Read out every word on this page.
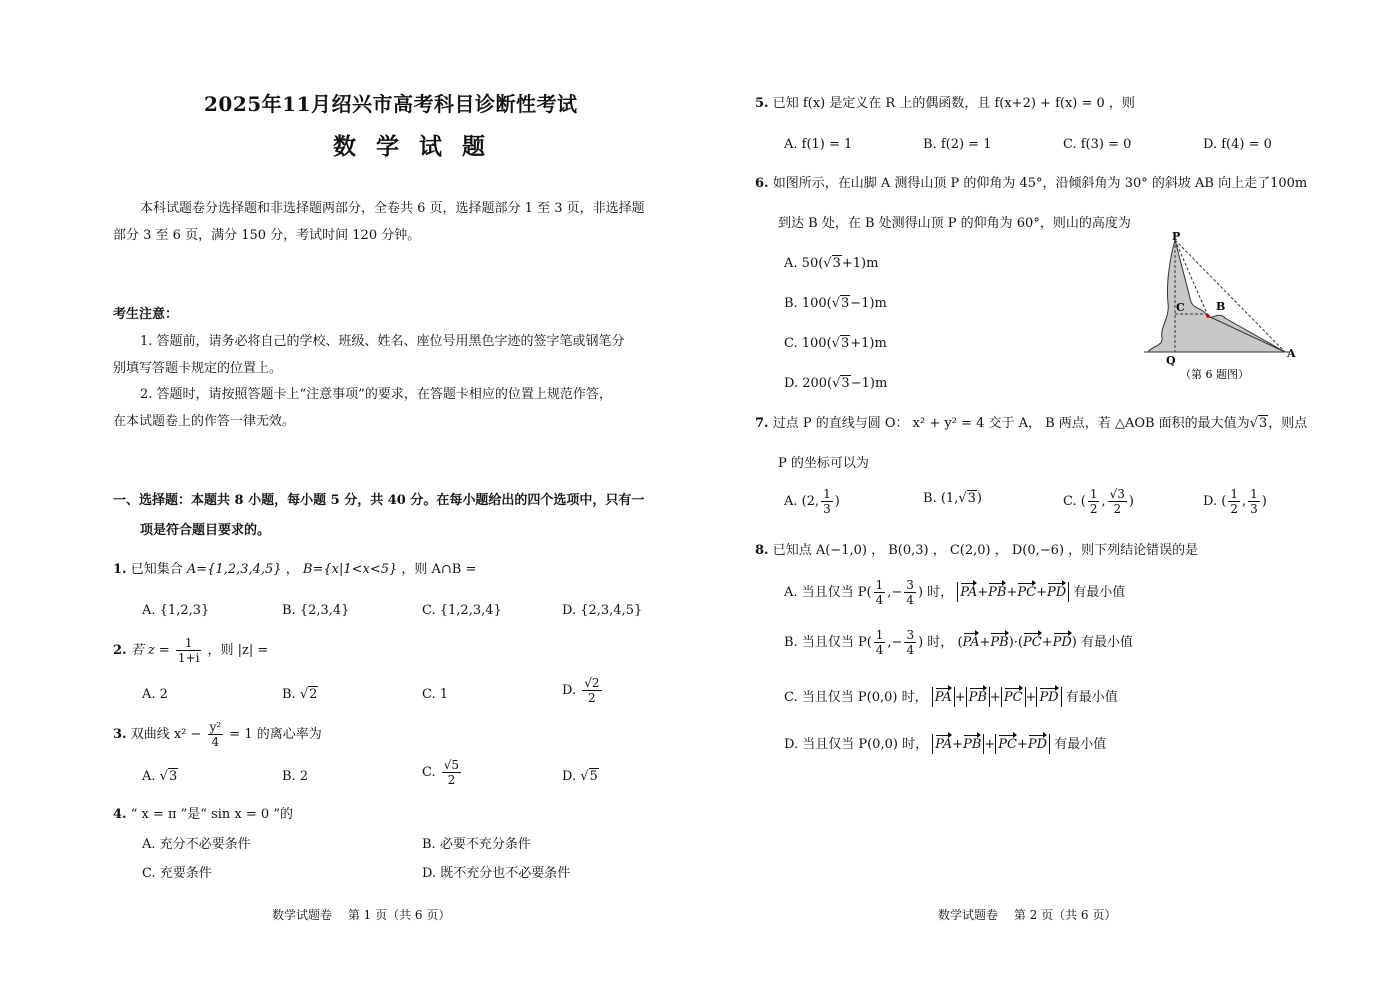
2025年11月绍兴市高考科目诊断性考试
数 学 试 题
本科试题卷分选择题和非选择题两部分，全卷共 6 页，选择题部分 1 至 3 页，非选择题
部分 3 至 6 页，满分 150 分，考试时间 120 分钟。
考生注意：
1. 答题前，请务必将自己的学校、班级、姓名、座位号用黑色字迹的签字笔或钢笔分
别填写答题卡规定的位置上。
2. 答题时，请按照答题卡上“注意事项”的要求，在答题卡相应的位置上规范作答，
在本试题卷上的作答一律无效。
一、选择题：本题共 8 小题，每小题 5 分，共 40 分。在每小题给出的四个选项中，只有一
项是符合题目要求的。
1. 已知集合 A={1,2,3,4,5} ， B={x|1<x<5} ，则 A∩B =
A. {1,2,3}	B. {2,3,4}	C. {1,2,3,4}	D. {2,3,4,5}
2. 若 $z = \frac{1}{1+i}$ ，则 |z| =
A. 2	B. √2	C. 1	D. $\frac{√2}{2}$
3. 双曲线 $x^2 - \frac{\text{y²}}{4} = 1$ 的离心率为
A. √3	B. 2	C. $\frac{√5}{2}$	D. √5
4. “ x = π ”是“ sin x = 0 ”的
A. 充分不必要条件	B. 必要不充分条件
C. 充要条件	D. 既不充分也不必要条件
数学试题卷　 第 1 页（共 6 页）
5. 已知 f(x) 是定义在 R 上的偶函数，且 f(x+2) + f(x) = 0 ，则
A. f(1) = 1	B. f(2) = 1	C. f(3) = 0	D. f(4) = 0
6. 如图所示，在山脚 A 测得山顶 P 的仰角为 45°，沿倾斜角为 30° 的斜坡 AB 向上走了100m
到达 B 处，在 B 处测得山顶 P 的仰角为 60°，则山的高度为
A. 50(√3+1)m
B. 100(√3−1)m
C. 100(√3+1)m
D. 200(√3−1)m
P
C	B
Q
A
（第 6 题图）
7. 过点 P 的直线与圆 O： x² + y² = 4 交于 A， B 两点，若 △AOB 面积的最大值为√3，则点
P 的坐标可以为
A. (2, $\frac{1}{3}$ )	B. (1,√3)	C. ( $\frac{1}{2}$ , $\frac{√3}{2}$ )	D. ( $\frac{1}{2}$ , $\frac{1}{3}$ )
8. 已知点 A(−1,0) ， B(0,3) ， C(2,0) ， D(0,−6) ，则下列结论错误的是
A. 当且仅当 $P( \frac{1}{4}$ ,− $\frac{3}{4}$ ) 时， PA+PB+PC+PD 有最小值
B. 当且仅当 $P( \frac{1}{4}$ ,− $\frac{3}{4}$ ) 时， (PA+PB)·(PC+PD) 有最小值
C. 当且仅当 P(0,0) 时， PA + PB + PC + PD 有最小值
D. 当且仅当 P(0,0) 时， PA+PB + PC+PD 有最小值
数学试题卷　 第 2 页（共 6 页）
